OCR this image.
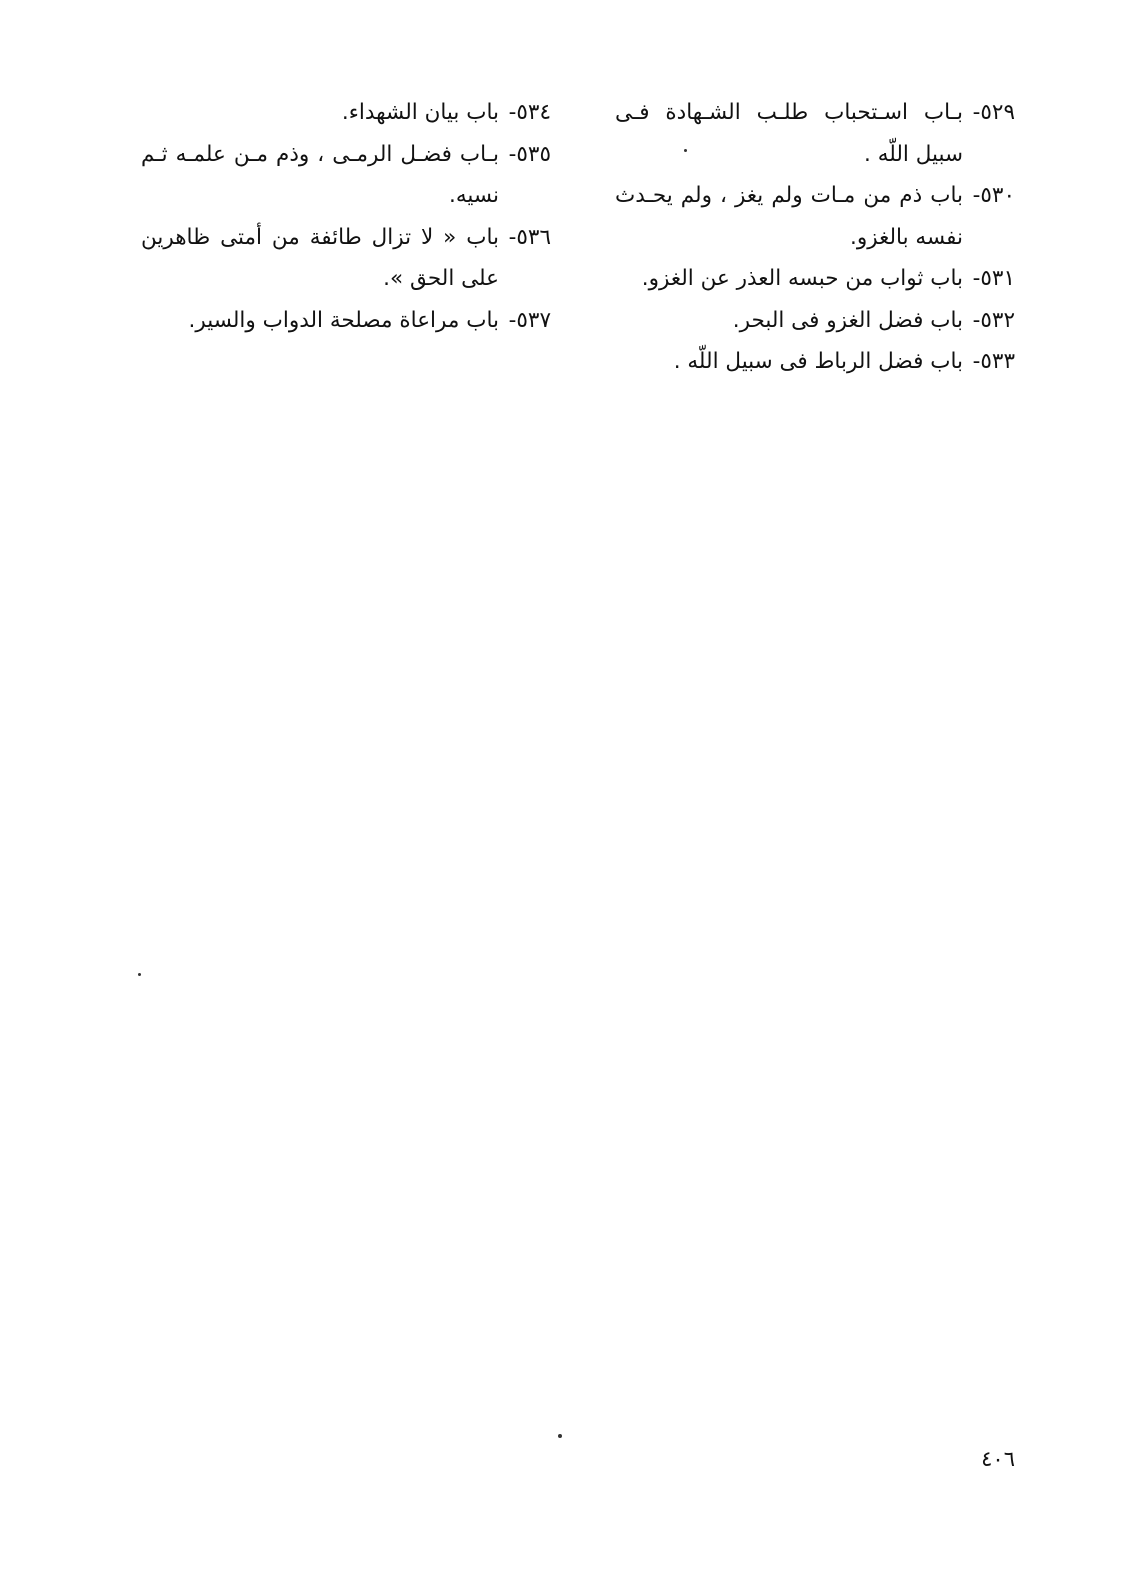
٥٢٩-بـاب اسـتحباب طلـب الشـهادة فـى سبيل اللّه .

٥٣٠-باب ذم من مـات ولم يغز ، ولم يحـدث نفسه بالغزو.

٥٣١-باب ثواب من حبسه العذر عن الغزو.

٥٣٢-باب فضل الغزو فى البحر.

٥٣٣-باب فضل الرباط فى سبيل اللّه .

٥٣٤-باب بيان الشهداء.

٥٣٥-بـاب فضـل الرمـى ، وذم مـن علمـه ثـم نسيه.

٥٣٦-باب « لا تزال طائفة من أمتى ظاهرين على الحق ».

٥٣٧-باب مراعاة مصلحة الدواب والسير.

٤٠٦
